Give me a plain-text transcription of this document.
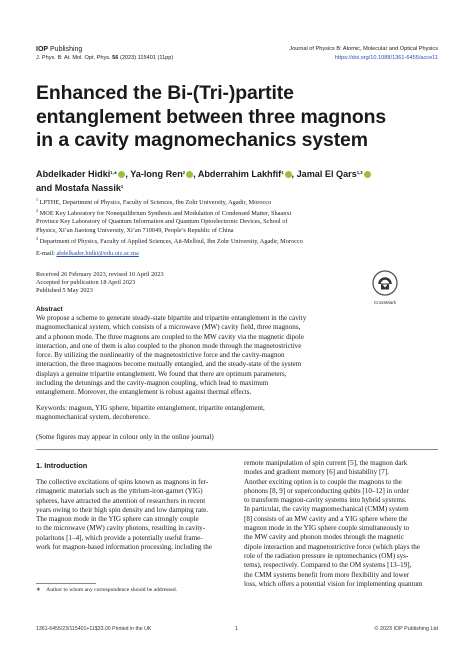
IOP Publishing	Journal of Physics B: Atomic, Molecular and Optical Physics
J. Phys. B: At. Mol. Opt. Phys. 56 (2023) 115401 (11pp)	https://doi.org/10.1088/1361-6455/acce11
Enhanced the Bi-(Tri-)partite
entanglement between three magnons
in a cavity magnomechanics system
Abdelkader Hidki$^{1,∗}$ , Ya-long Ren$^2$ , Abderrahim Lakhfif$^1$ , Jamal El Qars$^{1,3}$
and Mostafa Nassik$^1$
$^1$ LPTHE, Department of Physics, Faculty of Sciences, Ibn Zohr University, Agadir, Morocco
$^2$ MOE Key Laboratory for Nonequilibrium Synthesis and Modulation of Condensed Matter, Shaanxi
Province Key Laboratory of Quantum Information and Quantum Optoelectronic Devices, School of
Physics, Xi’an Jiaotong University, Xi’an 710049, People’s Republic of China
$^3$ Department of Physics, Faculty of Applied Sciences, Ait-Melloul, Ibn Zohr University, Agadir, Morocco
E-mail: abdelkader.hidki@edu.uiz.ac.ma
Received 26 February 2023, revised 10 April 2023
Accepted for publication 18 April 2023
Published 5 May 2023
CrossMark
Abstract
We propose a scheme to generate steady-state bipartite and tripartite entanglement in the cavity
magnomechanical system, which consists of a microwave (MW) cavity field, three magnons,
and a phonon mode. The three magnons are coupled to the MW cavity via the magnetic dipole
interaction, and one of them is also coupled to the phonon mode through the magnetostrictive
force. By utilizing the nonlinearity of the magnetostrictive force and the cavity-magnon
interaction, the three magnons become mutually entangled, and the steady-state of the system
displays a genuine tripartite entanglement. We found that there are optimum parameters,
including the detunings and the cavity-magnon coupling, which lead to maximum
entanglement. Moreover, the entanglement is robust against thermal effects.
Keywords: magnon, YIG sphere, bipartite entanglement, tripartite entanglement,
magnomechanical system, decoherence.
(Some figures may appear in colour only in the online journal)
1. Introduction
The collective excitations of spins known as magnons in fer-
rimagnetic materials such as the yttrium-iron-garnet (YIG)
spheres, have attracted the attention of researchers in recent
years owing to their high spin density and low damping rate.
The magnon mode in the YIG sphere can strongly couple
to the microwave (MW) cavity photons, resulting in cavity-
polaritons [1–4], which provide a potentially useful frame-
work for magnon-based information processing, including the
remote manipulation of spin current [5], the magnon dark
modes and gradient memory [6] and bistability [7].
Another exciting option is to couple the magnons to the
phonons [8, 9] or superconducting qubits [10–12] in order
to transform magnon-cavity systems into hybrid systems.
In particular, the cavity magnomechanical (CMM) system
[8] consists of an MW cavity and a YIG sphere where the
magnon mode in the YIG sphere couple simultaneously to
the MW cavity and phonon modes through the magnetic
dipole interaction and magnetostrictive force (which plays the
role of the radiation pressure in optomechanics (OM) sys-
tems), respectively. Compared to the OM systems [13–19],
the CMM systems benefit from more flexibility and lower
loss, which offers a potential vision for implementing quantum
∗ Author to whom any correspondence should be addressed.
1361-6455/23/115401+11$33.00 Printed in the UK	1	© 2023 IOP Publishing Ltd
